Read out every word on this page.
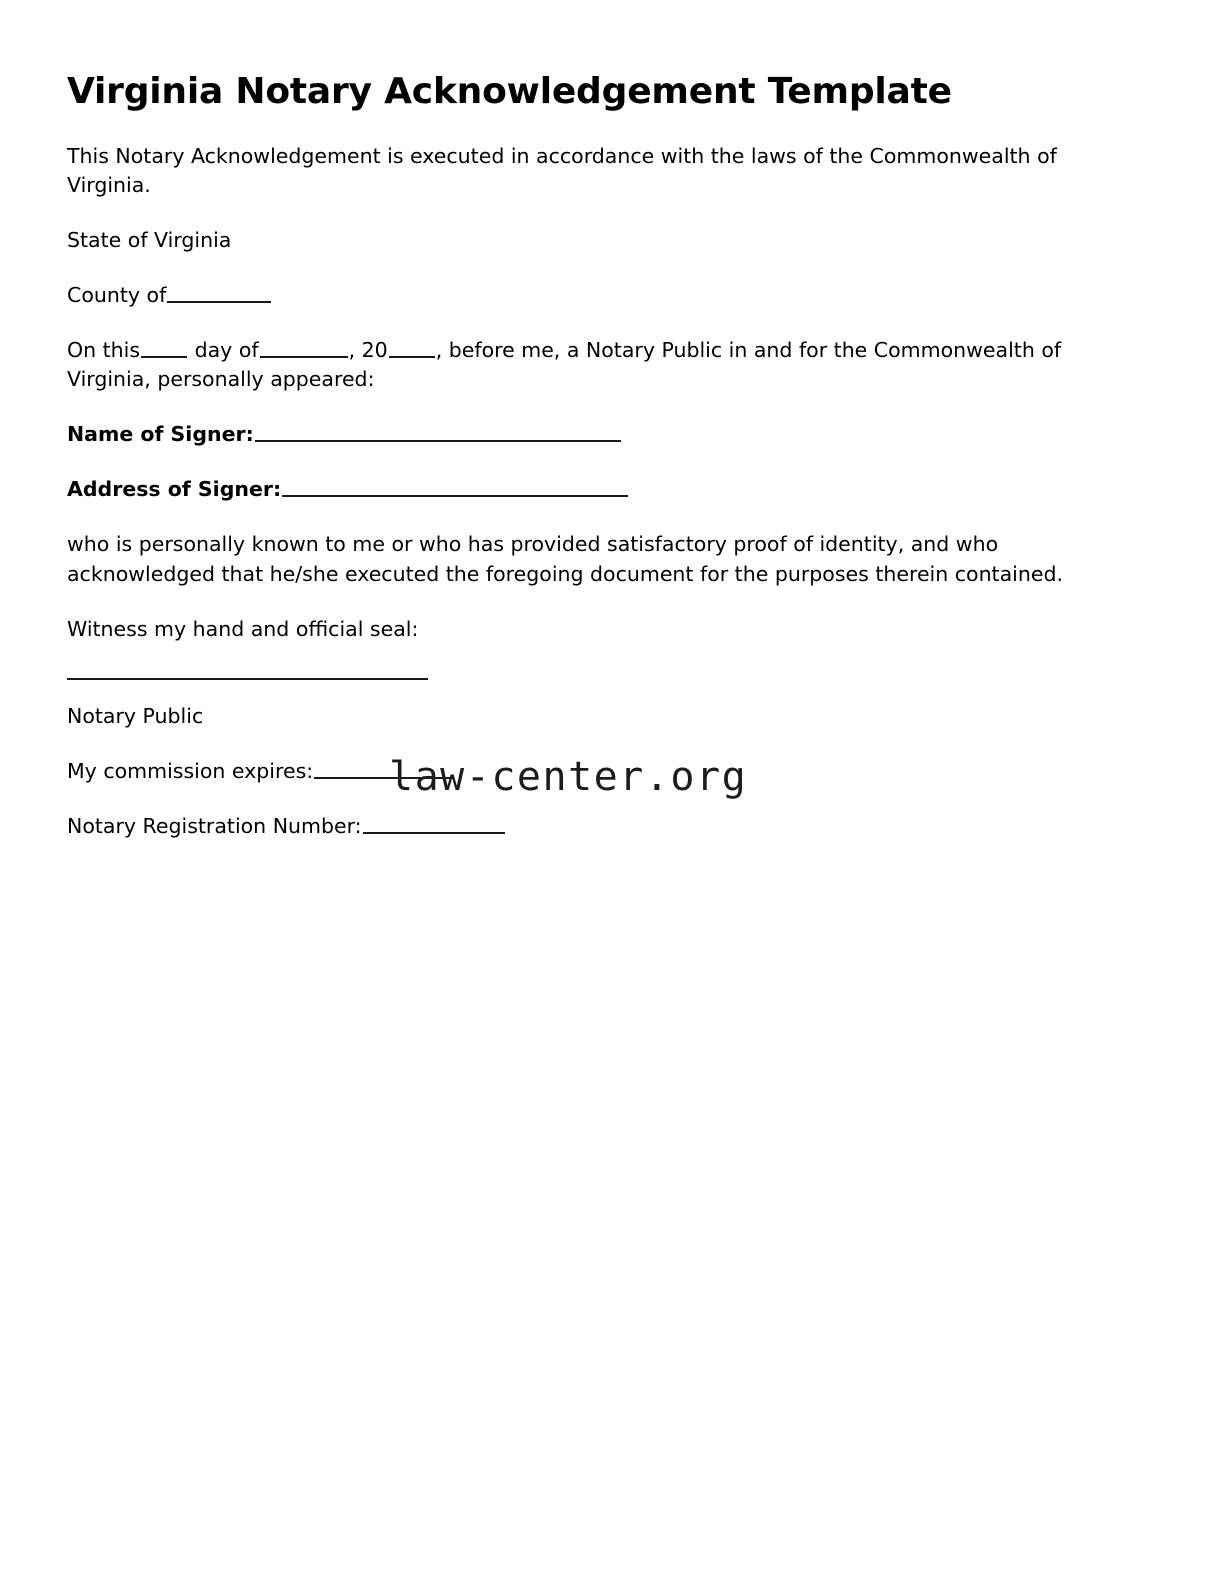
Virginia Notary Acknowledgement Template

This Notary Acknowledgement is executed in accordance with the laws of the Commonwealth of Virginia.

State of Virginia

County of

On this	day of	, 20 , before me, a Notary Public in and for the Commonwealth of Virginia, personally appeared:

Name of Signer:

Address of Signer:

who is personally known to me or who has provided satisfactory proof of identity, and who acknowledged that he/she executed the foregoing document for the purposes therein contained.

Witness my hand and official seal:

Notary Public

My commission expires:

Notary Registration Number:

law-center.org
